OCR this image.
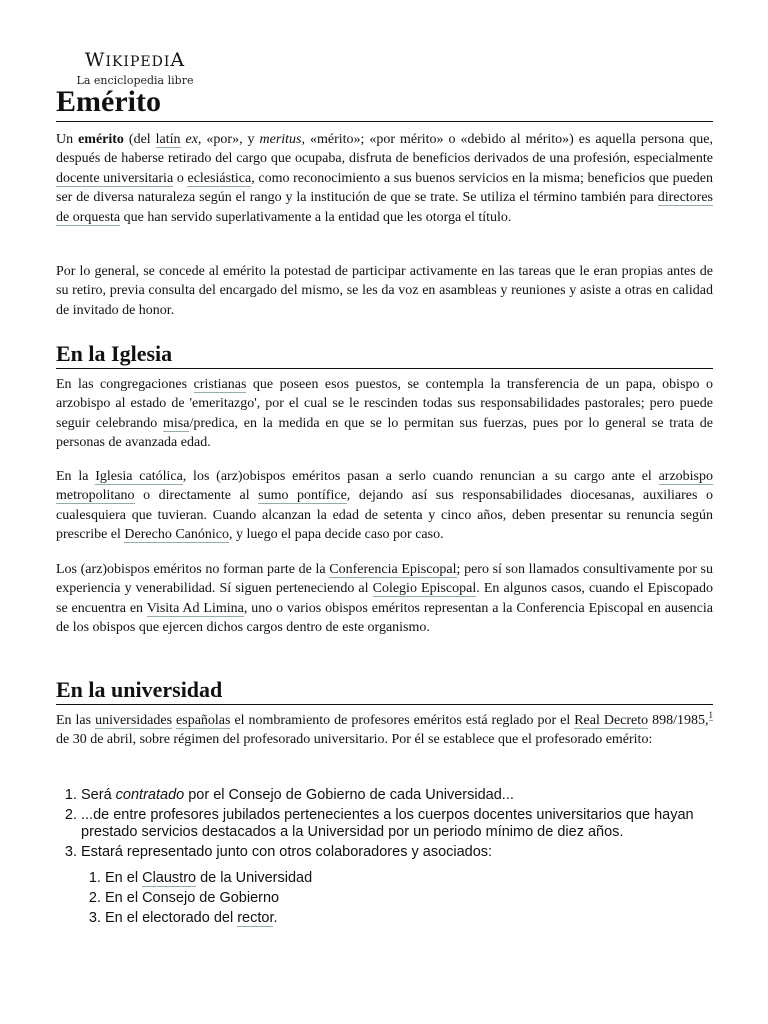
WIKIPEDIA
La enciclopedia libre
Emérito

Un emérito (del latín ex, «por», y meritus, «mérito»; «por mérito» o «debido al mérito») es aquella persona que, después de haberse retirado del cargo que ocupaba, disfruta de beneficios derivados de una profesión, especialmente docente universitaria o eclesiástica, como reconocimiento a sus buenos servicios en la misma; beneficios que pueden ser de diversa naturaleza según el rango y la institución de que se trate. Se utiliza el término también para directores de orquesta que han servido superlativamente a la entidad que les otorga el título.

Por lo general, se concede al emérito la potestad de participar activamente en las tareas que le eran propias antes de su retiro, previa consulta del encargado del mismo, se les da voz en asambleas y reuniones y asiste a otras en calidad de invitado de honor.

En la Iglesia

En las congregaciones cristianas que poseen esos puestos, se contempla la transferencia de un papa, obispo o arzobispo al estado de 'emeritazgo', por el cual se le rescinden todas sus responsabilidades pastorales; pero puede seguir celebrando misa/predica, en la medida en que se lo permitan sus fuerzas, pues por lo general se trata de personas de avanzada edad.

En la Iglesia católica, los (arz)obispos eméritos pasan a serlo cuando renuncian a su cargo ante el arzobispo metropolitano o directamente al sumo pontífice, dejando así sus responsabilidades diocesanas, auxiliares o cualesquiera que tuvieran. Cuando alcanzan la edad de setenta y cinco años, deben presentar su renuncia según prescribe el Derecho Canónico, y luego el papa decide caso por caso.

Los (arz)obispos eméritos no forman parte de la Conferencia Episcopal; pero sí son llamados consultivamente por su experiencia y venerabilidad. Sí siguen perteneciendo al Colegio Episcopal. En algunos casos, cuando el Episcopado se encuentra en Visita Ad Limina, uno o varios obispos eméritos representan a la Conferencia Episcopal en ausencia de los obispos que ejercen dichos cargos dentro de este organismo.

En la universidad

En las universidades españolas el nombramiento de profesores eméritos está reglado por el Real Decreto 898/1985,$^1$ de 30 de abril, sobre régimen del profesorado universitario. Por él se establece que el profesorado emérito:

1. Será contratado por el Consejo de Gobierno de cada Universidad...
2. ...de entre profesores jubilados pertenecientes a los cuerpos docentes universitarios que hayan prestado servicios destacados a la Universidad por un periodo mínimo de diez años.
3. Estará representado junto con otros colaboradores y asociados:
1. En el Claustro de la Universidad
2. En el Consejo de Gobierno
3. En el electorado del rector.
